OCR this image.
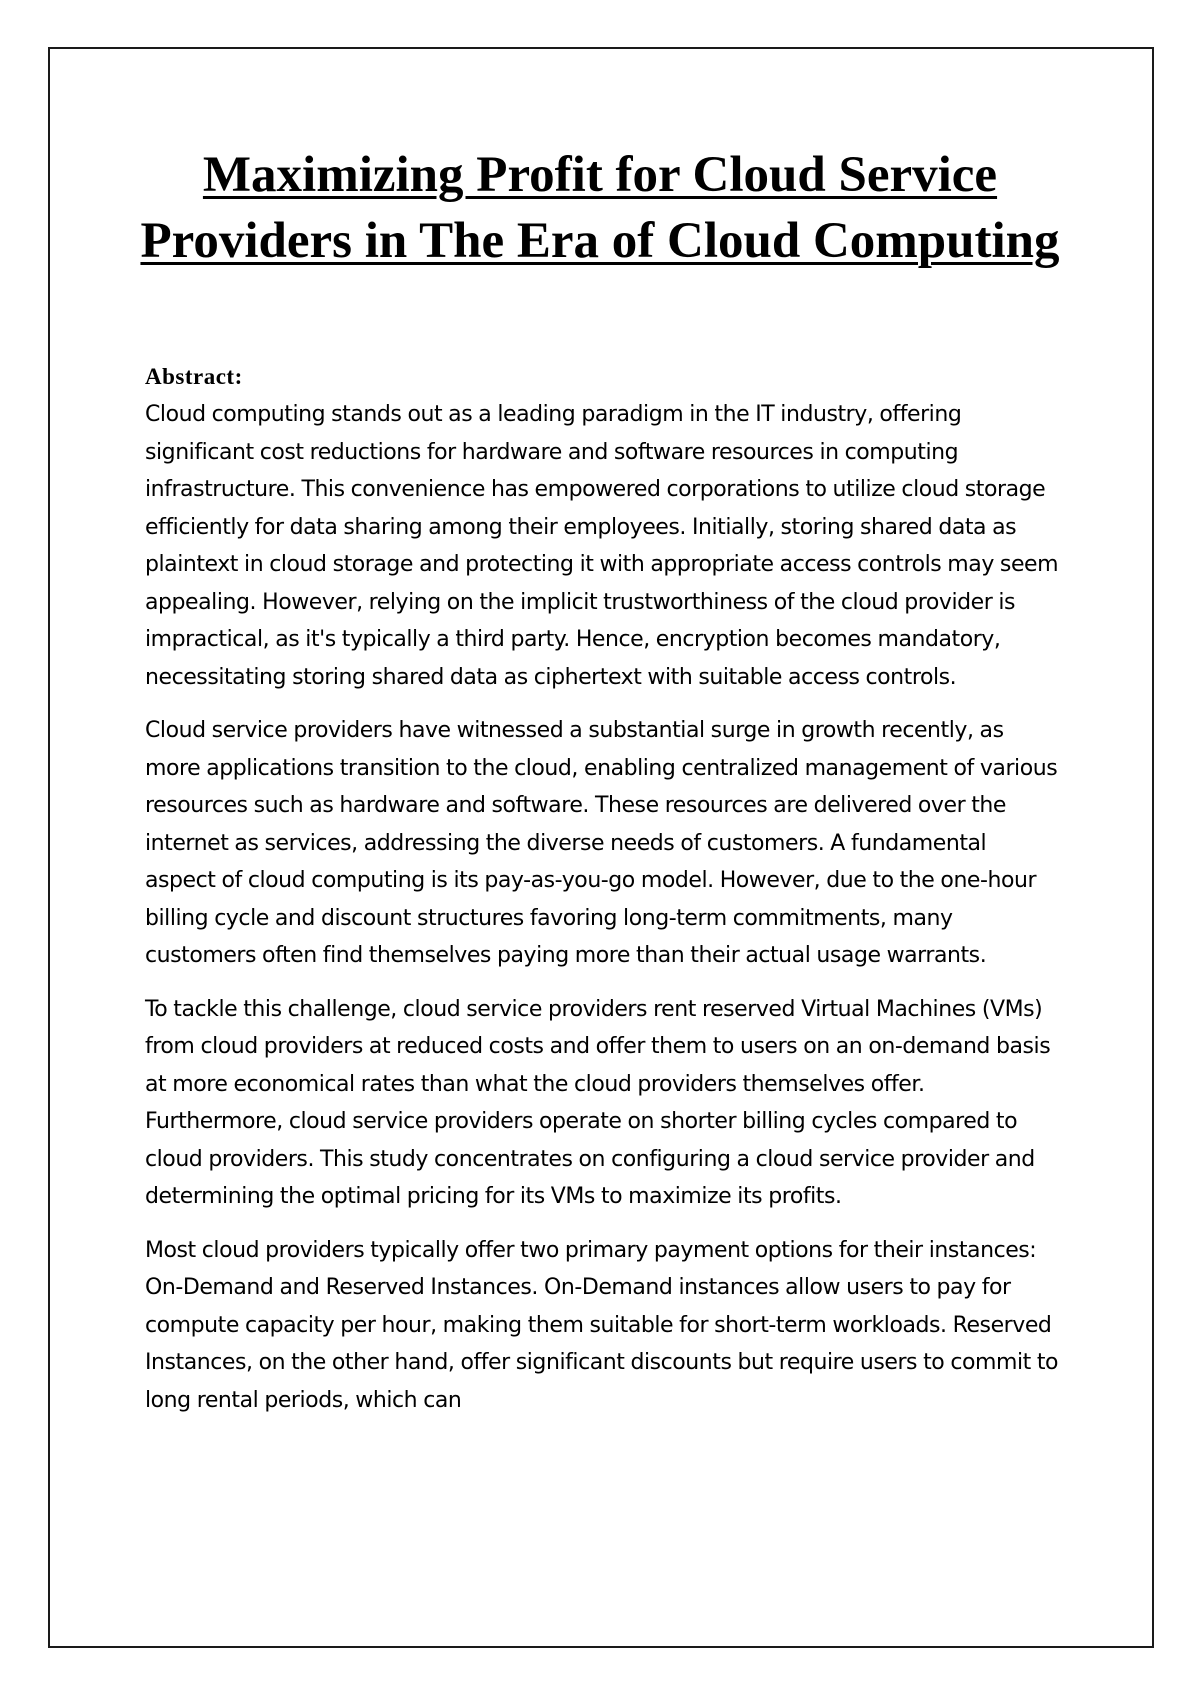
Maximizing Profit for Cloud Service Providers in The Era of Cloud Computing
Abstract:

Cloud computing stands out as a leading paradigm in the IT industry, offering significant cost reductions for hardware and software resources in computing infrastructure. This convenience has empowered corporations to utilize cloud storage efficiently for data sharing among their employees. Initially, storing shared data as plaintext in cloud storage and protecting it with appropriate access controls may seem appealing. However, relying on the implicit trustworthiness of the cloud provider is impractical, as it's typically a third party. Hence, encryption becomes mandatory, necessitating storing shared data as ciphertext with suitable access controls.

Cloud service providers have witnessed a substantial surge in growth recently, as more applications transition to the cloud, enabling centralized management of various resources such as hardware and software. These resources are delivered over the internet as services, addressing the diverse needs of customers. A fundamental aspect of cloud computing is its pay-as-you-go model. However, due to the one-hour billing cycle and discount structures favoring long-term commitments, many customers often find themselves paying more than their actual usage warrants.

To tackle this challenge, cloud service providers rent reserved Virtual Machines (VMs) from cloud providers at reduced costs and offer them to users on an on-demand basis at more economical rates than what the cloud providers themselves offer. Furthermore, cloud service providers operate on shorter billing cycles compared to cloud providers. This study concentrates on configuring a cloud service provider and determining the optimal pricing for its VMs to maximize its profits.

Most cloud providers typically offer two primary payment options for their instances: On-Demand and Reserved Instances. On-Demand instances allow users to pay for compute capacity per hour, making them suitable for short-term workloads. Reserved Instances, on the other hand, offer significant discounts but require users to commit to long rental periods, which can
